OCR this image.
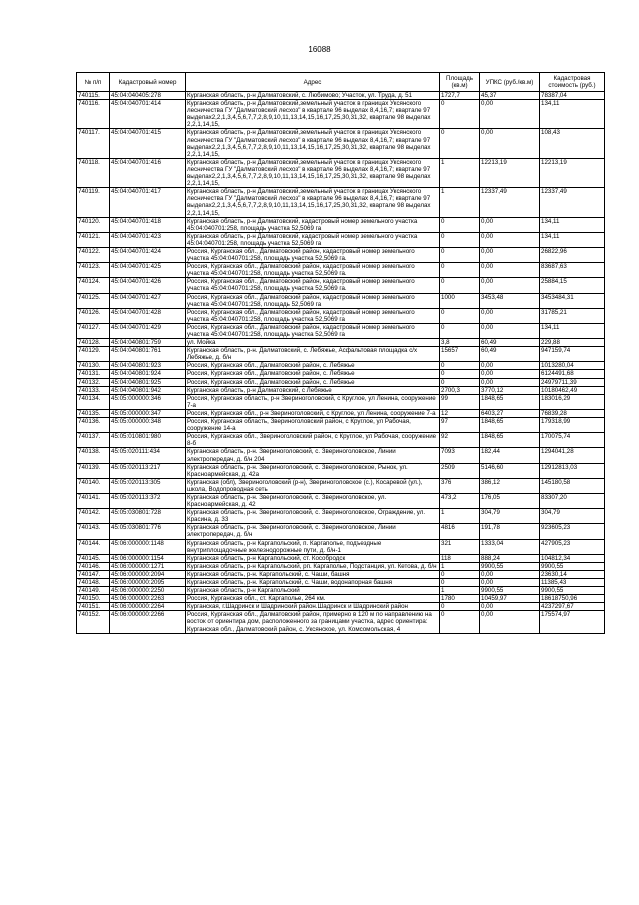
16088
№ п/п	Кадастровый номер	Адрес	Площадь (кв.м)	УПКС (руб./кв.м)	Кадастровая стоимость (руб.)
740115.	45:04:040405:278	Курганская область, р-н Далматовский, с. Любимово; Участок, ул. Труда, д. 51	1727,7	45,37	78387,04
740116.	45:04:040701:414	Курганская область, р-н Далматовский,земельный участок в границах Уксянского лесничества ГУ "Далматовский лесхоз" в квартале 96 выделах 8,4,16,7; квартале 97 выделах2,2,1,3,4,5,6,7,7,2,8,9,10,11,13,14,15,16,17,25,30,31,32, квартале 98 выделах 2,2,1,14,15,	0	0,00	134,11
740117.	45:04:040701:415	Курганская область, р-н Далматовский,земельный участок в границах Уксянского лесничества ГУ "Далматовский лесхоз" в квартале 96 выделах 8,4,16,7; квартале 97 выделах2,2,1,3,4,5,6,7,7,2,8,9,10,11,13,14,15,16,17,25,30,31,32, квартале 98 выделах 2,2,1,14,15,	0	0,00	108,43
740118.	45:04:040701:416	Курганская область, р-н Далматовский,земельный участок в границах Уксянского лесничества ГУ "Далматовский лесхоз" в квартале 96 выделах 8,4,16,7; квартале 97 выделах2,2,1,3,4,5,6,7,7,2,8,9,10,11,13,14,15,16,17,25,30,31,32, квартале 98 выделах 2,2,1,14,15,	1	12213,19	12213,19
740119.	45:04:040701:417	Курганская область, р-н Далматовский,земельный участок в границах Уксянского лесничества ГУ "Далматовский лесхоз" в квартале 96 выделах 8,4,16,7; квартале 97 выделах2,2,1,3,4,5,6,7,7,2,8,9,10,11,13,14,15,16,17,25,30,31,32, квартале 98 выделах 2,2,1,14,15,	1	12337,49	12337,49
740120.	45:04:040701:418	Курганская область, р-н Далматовский, кадастровый номер земельного участка 45:04:040701:258, площадь участка 52,5069 га	0	0,00	134,11
740121.	45:04:040701:423	Курганская область, р-н Далматовский, кадастровый номер земельного участка 45:04:040701:258, площадь участка 52,5069 га	0	0,00	134,11
740122.	45:04:040701:424	Россия, Курганская обл., Далматовский район, кадастровый номер земельного участка 45:04:040701:258, площадь участка 52,5069 га.	0	0,00	26822,96
740123.	45:04:040701:425	Россия, Курганская обл., Далматовский район, кадастровый номер земельного участка 45:04:040701:258, площадь участка 52,5069 га.	0	0,00	83687,63
740124.	45:04:040701:426	Россия, Курганская обл., Далматовский район, кадастровый номер земельного участка 45:04:040701:258, площадь участка 52,5069 га.	0	0,00	25884,15
740125.	45:04:040701:427	Россия, Курганская обл., Далматовский район, кадастровый номер земельного участка 45:04:040701:258, площадь 52,5069 га	1000	3453,48	3453484,31
740126.	45:04:040701:428	Россия, Курганская обл., Далматовский район, кадастровый номер земельного участка 45:04:040701:258, площадь участка 52,5069 га	0	0,00	31785,21
740127.	45:04:040701:429	Россия, Курганская обл., Далматовский район, кадастровый номер земельного участка 45:04:040701:258, площадь участка 52,5069 га	0	0,00	134,11
740128.	45:04:040801:759	ул. Мойка	3,8	60,49	229,88
740129.	45:04:040801:761	Курганская область, р-н. Далматовский, с. Лебяжье, Асфальтовая площадка с/х Лебяжье, д. б/н	15657	60,49	947159,74
740130.	45:04:040801:923	Россия, Курганская обл., Далматовский район, с. Лебяжье	0	0,00	1013280,04
740131.	45:04:040801:924	Россия, Курганская обл., Далматовский район, с. Лебяжье	0	0,00	6124491,68
740132.	45:04:040801:925	Россия, Курганская обл., Далматовский район, с. Лебяжье	0	0,00	24979711,39
740133.	45:04:040801:942	Курганская область, р-н Далматовский, с Лебяжье	2700,3	3770,12	10180462,49
740134.	45:05:000000:346	Россия, Курганская область, р-н Звериноголовский, с Круглое, ул Ленина, сооружение 7-а	99	1848,65	183016,29
740135.	45:05:000000:347	Россия, Курганская обл., р-н Звериноголовский, с Круглое, ул Ленина, сооружение 7-а	12	6403,27	76839,28
740136.	45:05:000000:348	Россия, Курганская область, Звериноголовский район, с Круглое, ул Рабочая, сооружение 14-а	97	1848,65	179318,99
740137.	45:05:010801:980	Россия, Курганская обл., Звериноголовский район, с Круглое, ул Рабочая, сооружение 8-б	92	1848,65	170075,74
740138.	45:05:020111:434	Курганская область, р-н. Звериноголовский, с. Звериноголовское, Линии электропередач, д. б/н 204	7093	182,44	1294041,28
740139.	45:05:020113:217	Курганская область, р-н. Звериноголовский, с. Звериноголовское, Рынок, ул. Красноармейская, д. 42а	2509	5146,60	12912813,03
740140.	45:05:020113:305	Курганская (обл), Звериноголовский (р-н), Звериноголовское (с.), Косаревой (ул.), школа, Водопроводная сеть	376	386,12	145180,58
740141.	45:05:020113:372	Курганская область, р-н. Звериноголовский, с. Звериноголовское, ул. Красноармейская, д. 42	473,2	176,05	83307,20
740142.	45:05:030801:728	Курганская область, р-н. Звериноголовский, с. Звериноголовское, Ограждение, ул. Красина, д. 33	1	304,79	304,79
740143.	45:05:030801:776	Курганская область, р-н. Звериноголовский, с. Звериноголовское, Линии электропередач, д. б/н	4816	191,78	923605,23
740144.	45:06:000000:1148	Курганская область, р-н Каргапольский, п. Каргаполье, подъездные внутриплощадочные железнодорожные пути, д. б/н-1	321	1333,04	427905,23
740145.	45:06:000000:1154	Курганская область, р-н Каргапольский, ст. Кособродск	118	888,24	104812,34
740146.	45:06:000000:1271	Курганская область, р-н Каргапольский, рп. Каргаполье, Подстанция, ул. Кетова, д. б/н	1	9900,55	9900,55
740147.	45:06:000000:2094	Курганская область, р-н. Каргапольский, с. Чаши, башня	0	0,00	23630,14
740148.	45:06:000000:2095	Курганская область, р-н. Каргапольский, с. Чаши, водонапорная башня	0	0,00	11385,43
740149.	45:06:000000:2250	Курганская область, р-н Каргапольский	1	9900,55	9900,55
740150.	45:06:000000:2263	Россия, Курганская обл., ст. Каргаполье, 264 км.	1780	10459,97	18618750,96
740151.	45:06:000000:2264	Курганская, г.Шадринск и Шадринский район.Шадринск и Шадринский район	0	0,00	4237297,67
740152.	45:06:000000:2266	Россия, Курганская обл., Далматовский район, примерно в 120 м по направлению на восток от ориентира дом, расположенного за границами участка, адрес ориентира: Курганская обл., Далматовский район, с. Уксянское, ул. Комсомольская, 4	0	0,00	175574,97
